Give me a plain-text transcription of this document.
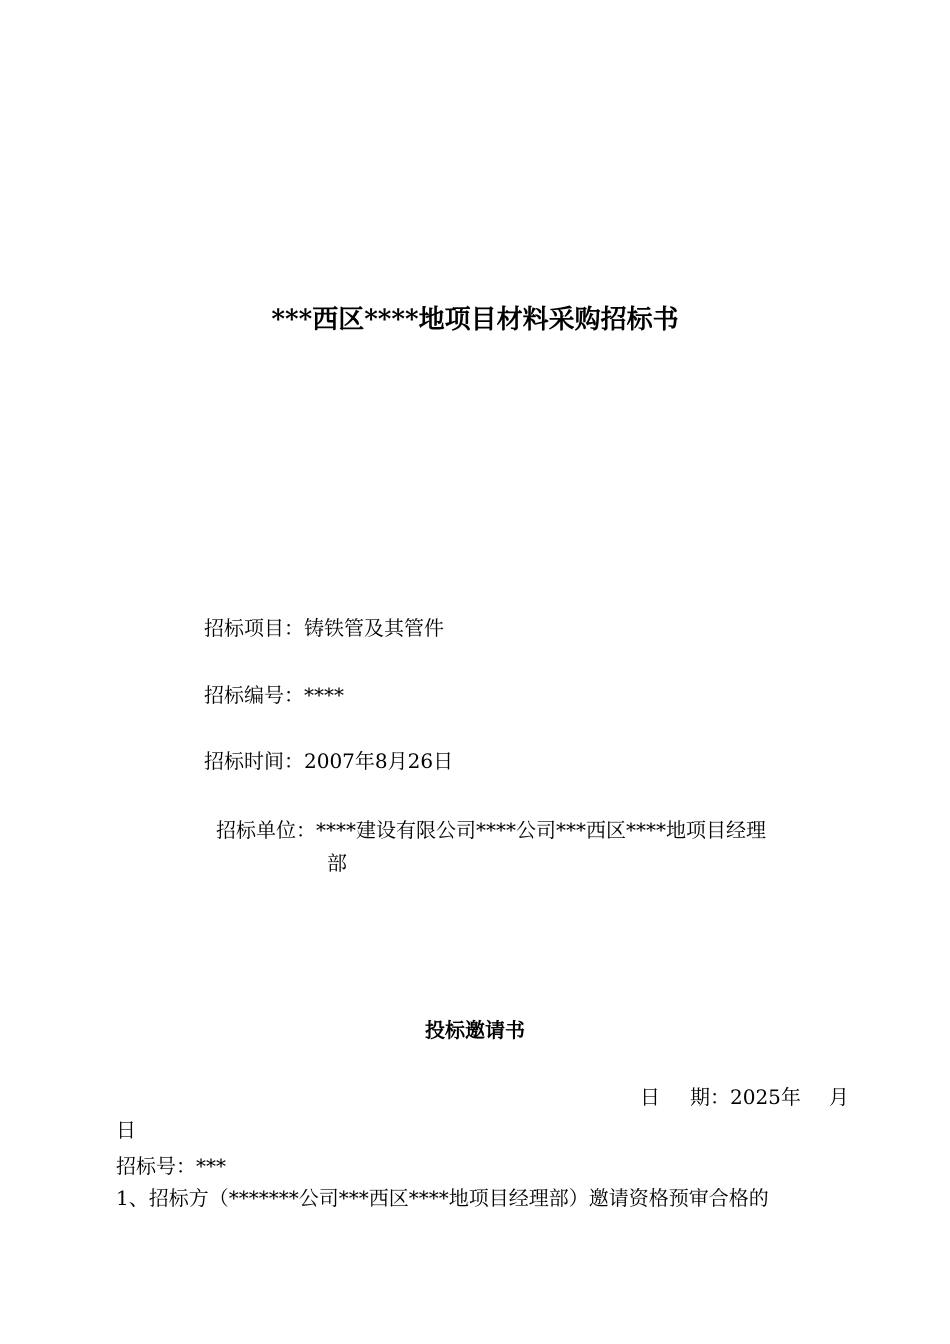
***西区****地项目材料采购招标书
招标项目：铸铁管及其管件
招标编号：****
招标时间：2007年8月26日
招标单位：****建设有限公司****公司***西区****地项目经理
部
投标邀请书
日 期：2025年 月
日
招标号：***
1、招标方（*******公司***西区****地项目经理部）邀请资格预审合格的
